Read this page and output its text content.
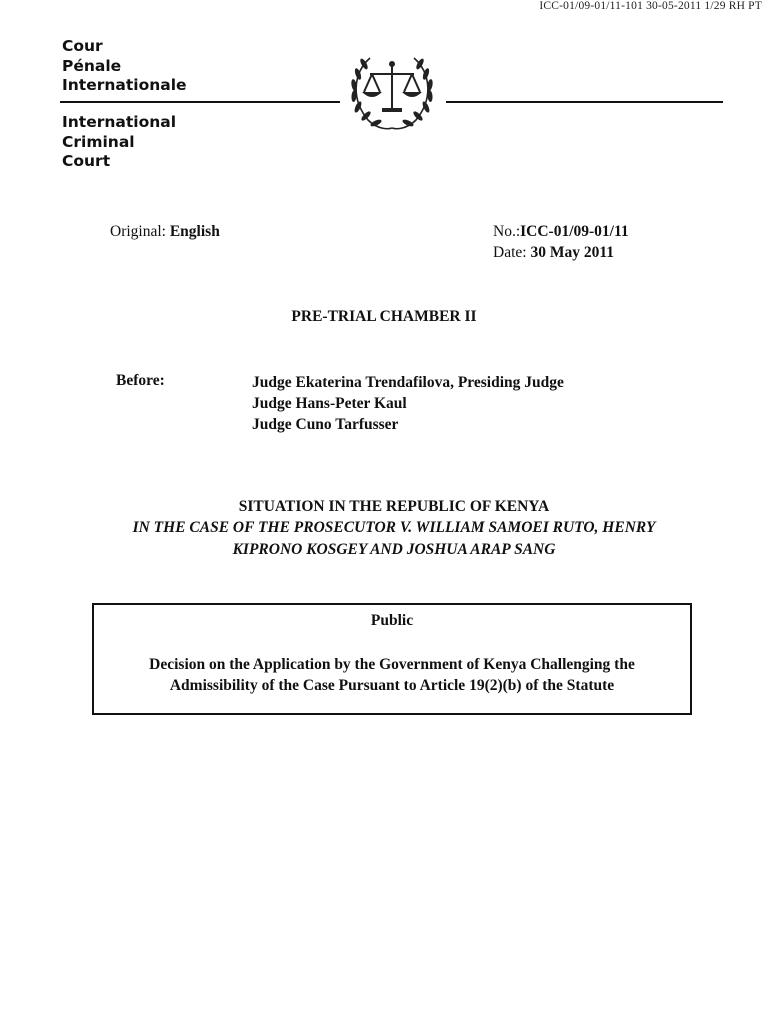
ICC-01/09-01/11-101 30-05-2011 1/29 RH PT
Cour
Pénale
Internationale
International
Criminal
Court
Original: English	No.:ICC-01/09-01/11
Date: 30 May 2011
PRE-TRIAL CHAMBER II
Before:	Judge Ekaterina Trendafilova, Presiding Judge
Judge Hans-Peter Kaul
Judge Cuno Tarfusser
SITUATION IN THE REPUBLIC OF KENYA
IN THE CASE OF THE PROSECUTOR V. WILLIAM SAMOEI RUTO, HENRY
KIPRONO KOSGEY AND JOSHUA ARAP SANG
Public
Decision on the Application by the Government of Kenya Challenging the
Admissibility of the Case Pursuant to Article 19(2)(b) of the Statute
